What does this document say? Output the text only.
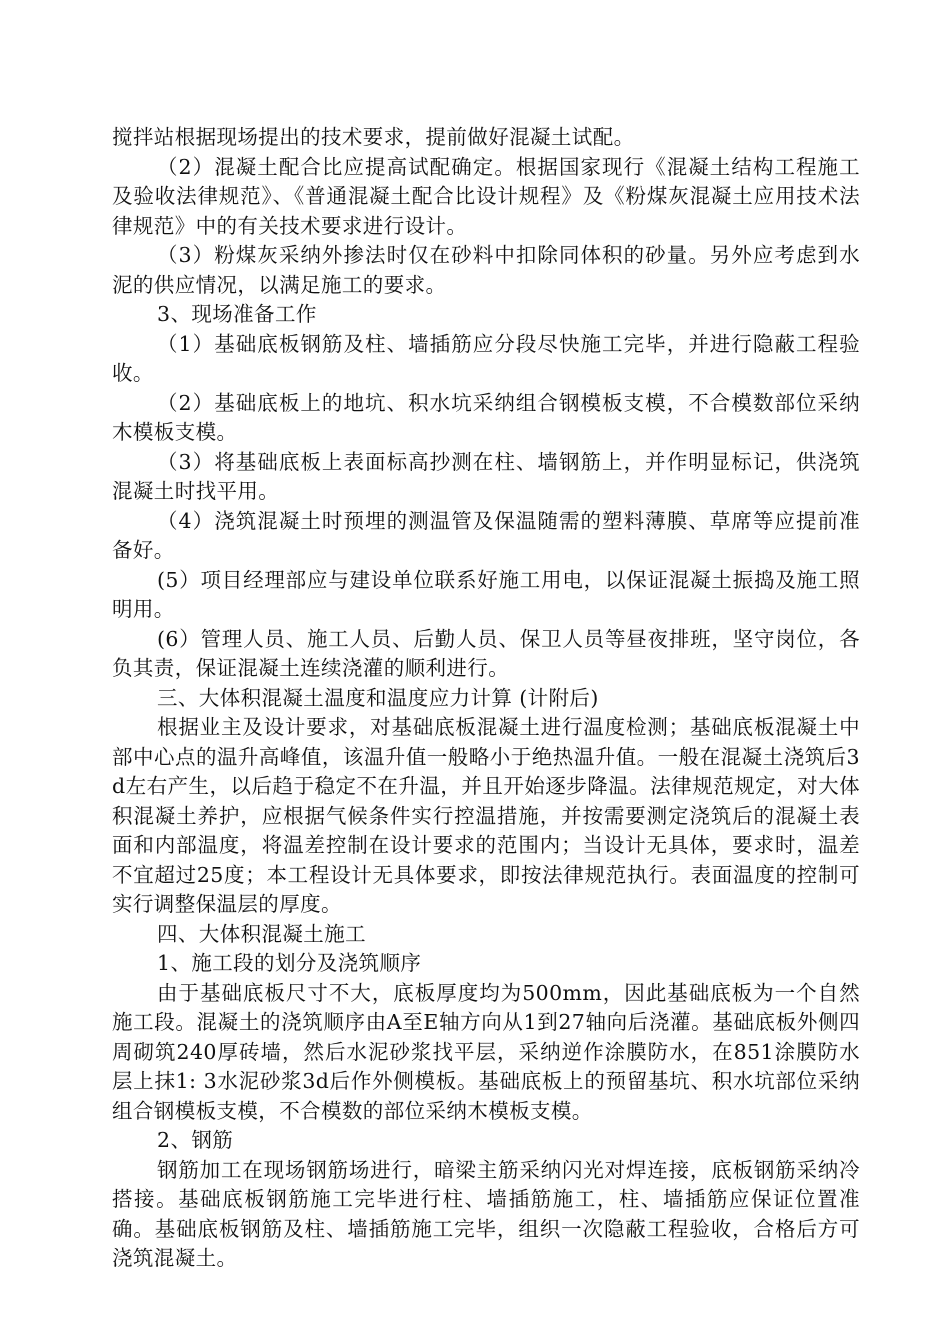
搅拌站根据现场提出的技术要求，提前做好混凝土试配。

（2）混凝土配合比应提高试配确定。根据国家现行《混凝土结构工程施工及验收法律规范》、《普通混凝土配合比设计规程》及《粉煤灰混凝土应用技术法律规范》中的有关技术要求进行设计。

（3）粉煤灰采纳外掺法时仅在砂料中扣除同体积的砂量。另外应考虑到水泥的供应情况，以满足施工的要求。

3、现场准备工作

（1）基础底板钢筋及柱、墙插筋应分段尽快施工完毕，并进行隐蔽工程验收。

（2）基础底板上的地坑、积水坑采纳组合钢模板支模，不合模数部位采纳木模板支模。

（3）将基础底板上表面标高抄测在柱、墙钢筋上，并作明显标记，供浇筑混凝土时找平用。

（4）浇筑混凝土时预埋的测温管及保温随需的塑料薄膜、草席等应提前准备好。

(5）项目经理部应与建设单位联系好施工用电，以保证混凝土振捣及施工照明用。

(6）管理人员、施工人员、后勤人员、保卫人员等昼夜排班，坚守岗位，各负其责，保证混凝土连续浇灌的顺利进行。

三、大体积混凝土温度和温度应力计算 (计附后)

根据业主及设计要求，对基础底板混凝土进行温度检测；基础底板混凝土中部中心点的温升高峰值，该温升值一般略小于绝热温升值。一般在混凝土浇筑后3d左右产生，以后趋于稳定不在升温，并且开始逐步降温。法律规范规定，对大体积混凝土养护，应根据气候条件实行控温措施，并按需要测定浇筑后的混凝土表面和内部温度，将温差控制在设计要求的范围内；当设计无具体，要求时，温差不宜超过25度；本工程设计无具体要求，即按法律规范执行。表面温度的控制可实行调整保温层的厚度。

四、大体积混凝土施工

1、施工段的划分及浇筑顺序

由于基础底板尺寸不大，底板厚度均为500mm，因此基础底板为一个自然施工段。混凝土的浇筑顺序由A至E轴方向从1到27轴向后浇灌。基础底板外侧四周砌筑240厚砖墙，然后水泥砂浆找平层，采纳逆作涂膜防水，在851涂膜防水层上抹1: 3水泥砂浆3d后作外侧模板。基础底板上的预留基坑、积水坑部位采纳组合钢模板支模，不合模数的部位采纳木模板支模。

2、钢筋

钢筋加工在现场钢筋场进行，暗梁主筋采纳闪光对焊连接，底板钢筋采纳冷搭接。基础底板钢筋施工完毕进行柱、墙插筋施工，柱、墙插筋应保证位置准确。基础底板钢筋及柱、墙插筋施工完毕，组织一次隐蔽工程验收，合格后方可浇筑混凝土。
